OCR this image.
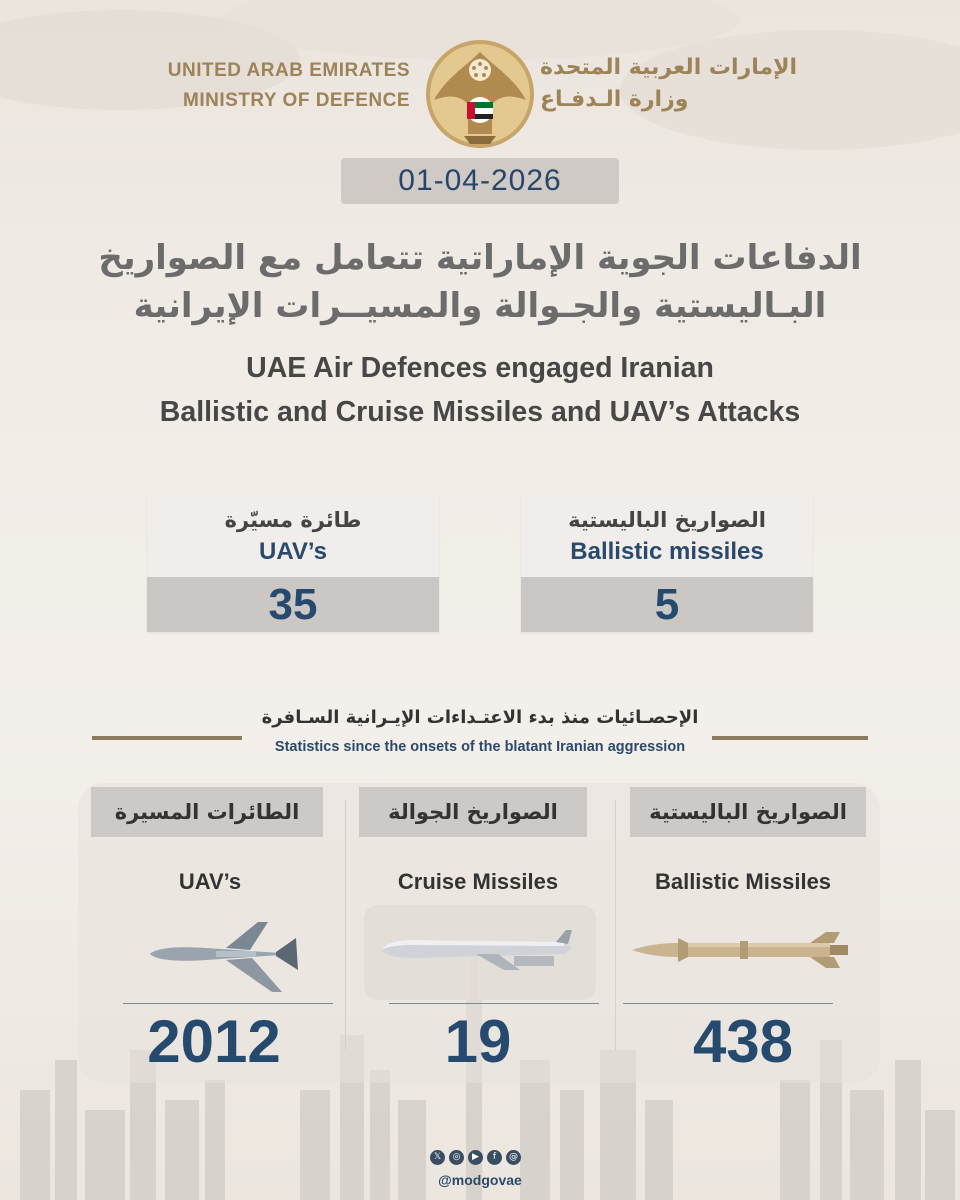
UNITED ARAB EMIRATES
MINISTRY OF DEFENCE
الإمارات العربية المتحدة
وزارة الـدفـاع
01-04-2026
الدفاعات الجوية الإماراتية تتعامل مع الصواريخ
البـاليستية والجـوالة والمسيــرات الإيرانية
UAE Air Defences engaged Iranian
Ballistic and Cruise Missiles and UAV’s Attacks
طائرة مسيّرة
UAV’s
35
الصواريخ الباليستية
Ballistic missiles
5
الإحصـائيات منذ بدء الاعتـداءات الإيـرانية السـافرة
Statistics since the onsets of the blatant Iranian aggression
الطائرات المسيرة
UAV’s
2012
الصواريخ الجوالة
Cruise Missiles
19
الصواريخ الباليستية
Ballistic Missiles
438
𝕏 ◎ ▶ f @
@modgovae
